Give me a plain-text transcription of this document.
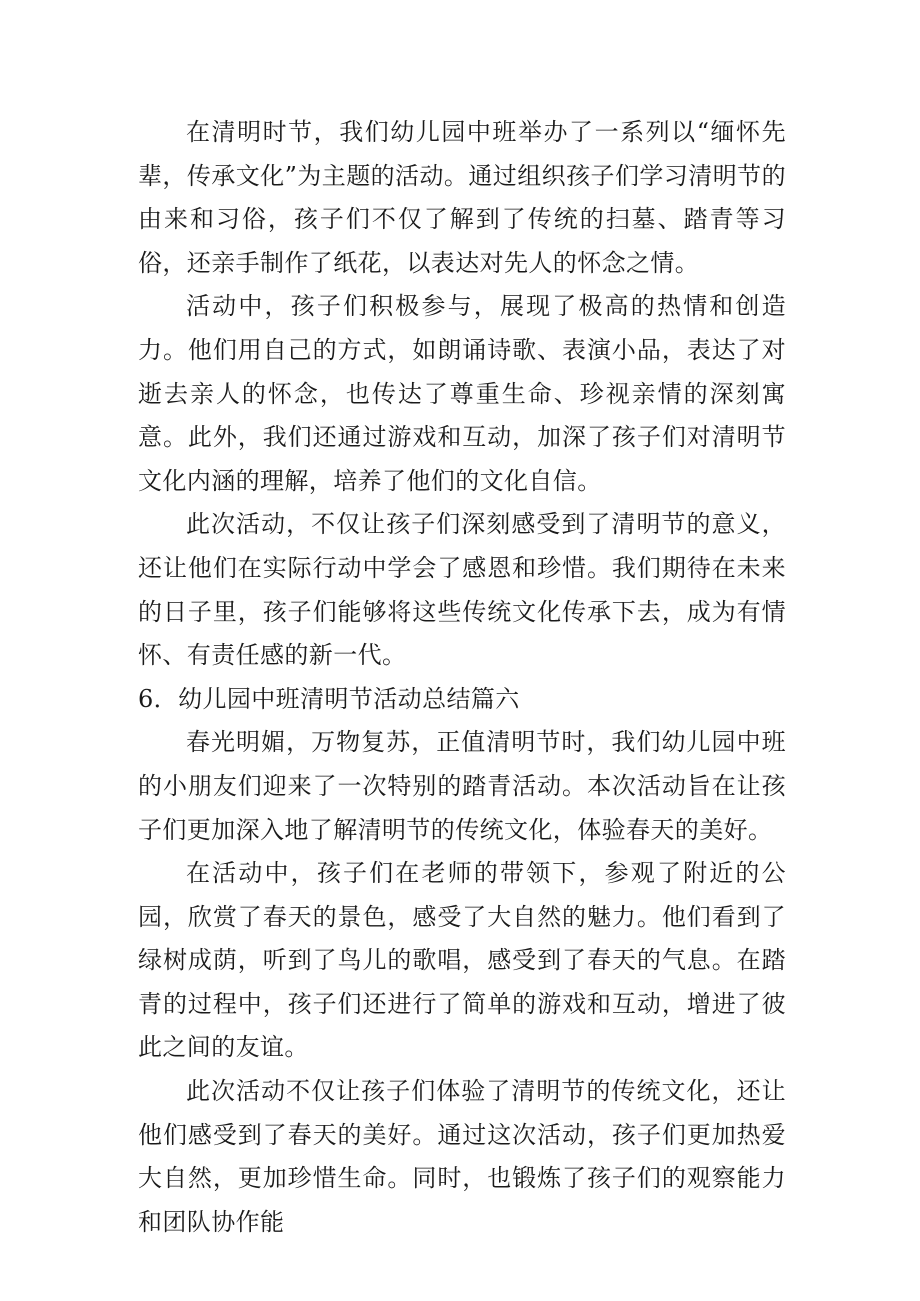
在清明时节，我们幼儿园中班举办了一系列以“缅怀先辈，传承文化”为主题的活动。通过组织孩子们学习清明节的由来和习俗，孩子们不仅了解到了传统的扫墓、踏青等习俗，还亲手制作了纸花，以表达对先人的怀念之情。

活动中，孩子们积极参与，展现了极高的热情和创造力。他们用自己的方式，如朗诵诗歌、表演小品，表达了对逝去亲人的怀念，也传达了尊重生命、珍视亲情的深刻寓意。此外，我们还通过游戏和互动，加深了孩子们对清明节文化内涵的理解，培养了他们的文化自信。

此次活动，不仅让孩子们深刻感受到了清明节的意义，还让他们在实际行动中学会了感恩和珍惜。我们期待在未来的日子里，孩子们能够将这些传统文化传承下去，成为有情怀、有责任感的新一代。

6．幼儿园中班清明节活动总结篇六

春光明媚，万物复苏，正值清明节时，我们幼儿园中班的小朋友们迎来了一次特别的踏青活动。本次活动旨在让孩子们更加深入地了解清明节的传统文化，体验春天的美好。

在活动中，孩子们在老师的带领下，参观了附近的公园，欣赏了春天的景色，感受了大自然的魅力。他们看到了绿树成荫，听到了鸟儿的歌唱，感受到了春天的气息。在踏青的过程中，孩子们还进行了简单的游戏和互动，增进了彼此之间的友谊。

此次活动不仅让孩子们体验了清明节的传统文化，还让他们感受到了春天的美好。通过这次活动，孩子们更加热爱大自然，更加珍惜生命。同时，也锻炼了孩子们的观察能力和团队协作能
